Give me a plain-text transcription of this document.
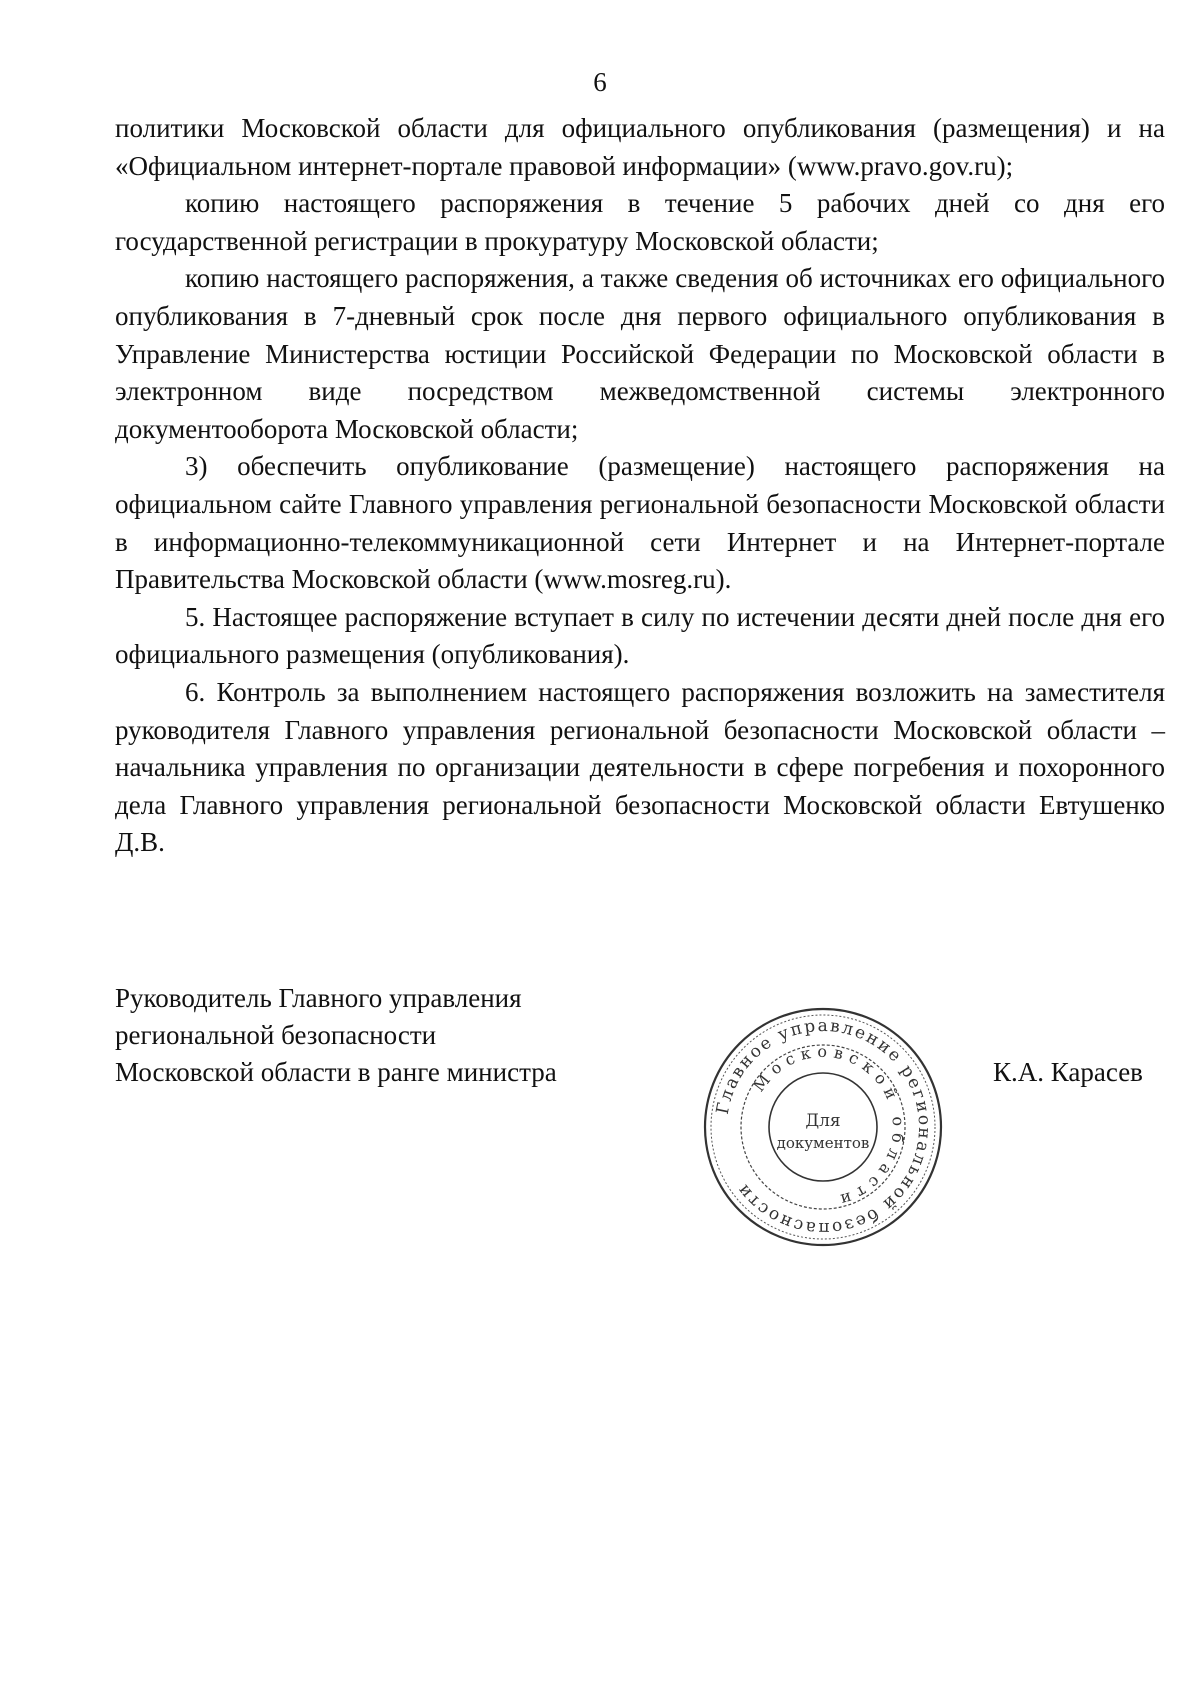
6

политики Московской области для официального опубликования (размещения) и на «Официальном интернет-портале правовой информации» (www.pravo.gov.ru);

копию настоящего распоряжения в течение 5 рабочих дней со дня его государственной регистрации в прокуратуру Московской области;

копию настоящего распоряжения, а также сведения об источниках его официального опубликования в 7-дневный срок после дня первого официального опубликования в Управление Министерства юстиции Российской Федерации по Московской области в электронном виде посредством межведомственной системы электронного документооборота Московской области;

3) обеспечить опубликование (размещение) настоящего распоряжения на официальном сайте Главного управления региональной безопасности Московской области в информационно-телекоммуникационной сети Интернет и на Интернет-портале Правительства Московской области (www.mosreg.ru).

5. Настоящее распоряжение вступает в силу по истечении десяти дней после дня его официального размещения (опубликования).

6. Контроль за выполнением настоящего распоряжения возложить на заместителя руководителя Главного управления региональной безопасности Московской области – начальника управления по организации деятельности в сфере погребения и похоронного дела Главного управления региональной безопасности Московской области Евтушенко Д.В.

Руководитель Главного управления
региональной безопасности
Московской области в ранге министра
Главное управление региональной безопасности
Московской области
Для
документов
К.А. Карасев
